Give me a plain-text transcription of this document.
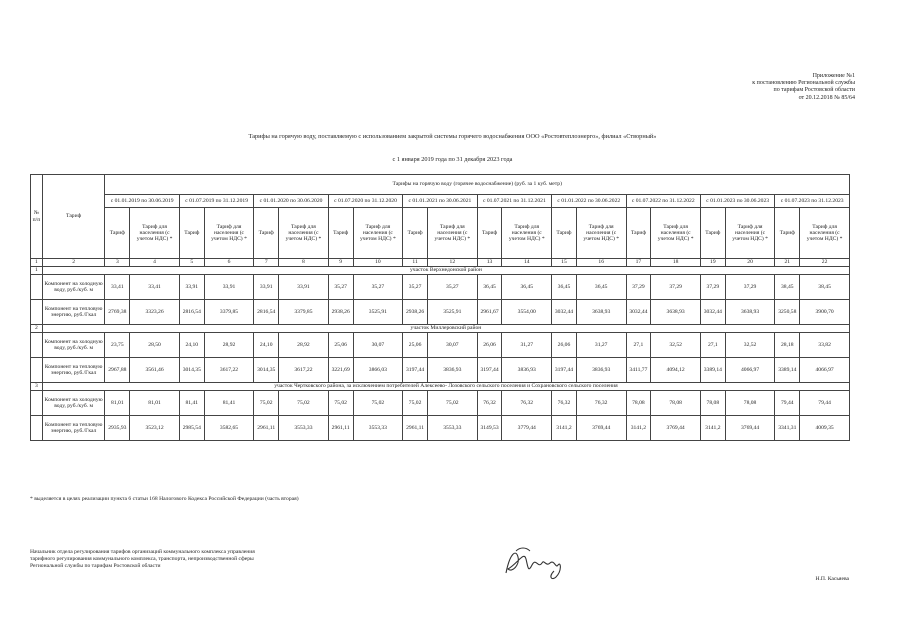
Приложение №1
к постановлению Региональной службы
по тарифам Ростовской области
от 20.12.2018 № 85/64
Тарифы на горячую воду, поставляемую с использованием закрытой системы горячего водоснабжения ООО «Ростовтеплоэнерго», филиал «Створный»
с 1 января 2019 года по 31 декабря 2023 года
№ п/п	Тариф	Тарифы на горячую воду (горячее водоснабжение) (руб. за 1 куб. метр)																			
		с 01.01.2019 по 30.06.2019		с 01.07.2019 по 31.12.2019		с 01.01.2020 по 30.06.2020		с 01.07.2020 по 31.12.2020		с 01.01.2021 по 30.06.2021		с 01.07.2021 по 31.12.2021		с 01.01.2022 по 30.06.2022		с 01.07.2022 по 31.12.2022		с 01.01.2023 по 30.06.2023		с 01.07.2023 по 31.12.2023	
		Тариф	Тариф для населения (с учетом НДС) *	Тариф	Тариф для населения (с учетом НДС) *	Тариф	Тариф для населения (с учетом НДС) *	Тариф	Тариф для населения (с учетом НДС) *	Тариф	Тариф для населения (с учетом НДС) *	Тариф	Тариф для населения (с учетом НДС) *	Тариф	Тариф для населения (с учетом НДС) *	Тариф	Тариф для населения (с учетом НДС) *	Тариф	Тариф для населения (с учетом НДС) *	Тариф	Тариф для населения (с учетом НДС) *
1	2	3	4	5	6	7	8	9	10	11	12	13	14	15	16	17	18	19	20	21	22
1	участок Верхнедонской район																				
	Компонент на холодную воду, руб./куб. м	33,41	33,41	33,91	33,91	33,91	33,91	35,27	35,27	35,27	35,27	36,45	36,45	36,45	36,45	37,29	37,29	37,29	37,29	38,45	38,45
	Компонент на тепловую энергию, руб./Гкал	2769,38	3323,26	2816,54	3379,85	2816,54	3379,85	2938,26	3525,91	2938,26	3525,91	2961,67	3554,00	3032,44	3638,93	3032,44	3638,93	3032,44	3638,93	3250,58	3900,70
2	участок Миллеровский район																				
	Компонент на холодную воду, руб./куб. м	23,75	28,50	24,10	28,92	24,10	28,92	25,06	30,07	25,06	30,07	26,06	31,27	26,06	31,27	27,1	32,52	27,1	32,52	28,18	33,82
	Компонент на тепловую энергию, руб./Гкал	2967,88	3561,46	3014,35	3617,22	3014,35	3617,22	3221,69	3866,03	3197,44	3836,93	3197,44	3836,93	3197,44	3836,93	3411,77	4094,12	3389,14	4066,97	3389,14	4066,97
3	участок Чертковского района, за исключением потребителей Алексеево- Лозовского сельского поселения и Сохрановского сельского поселения																				
	Компонент на холодную воду, руб./куб. м	81,01	81,01	81,41	81,41	75,02	75,02	75,02	75,02	75,02	75,02	76,32	76,32	76,32	76,32	78,08	78,08	78,08	78,08	79,44	79,44
	Компонент на тепловую энергию, руб./Гкал	2935,93	3523,12	2985,54	3582,65	2961,11	3553,33	2961,11	3553,33	2961,11	3553,33	3149,53	3779,44	3141,2	3769,44	3141,2	3769,44	3141,2	3769,44	3341,31	4009,35
* выделяется в целях реализации пункта 6 статьи 168 Налогового Кодекса Российской Федерации (часть вторая)
Начальник отдела регулирования тарифов организаций коммунального комплекса управления тарифного регулирования коммунального комплекса, транспорта, непроизводственной сферы Региональной службы по тарифам Ростовской области
Н.П. Касьяева
